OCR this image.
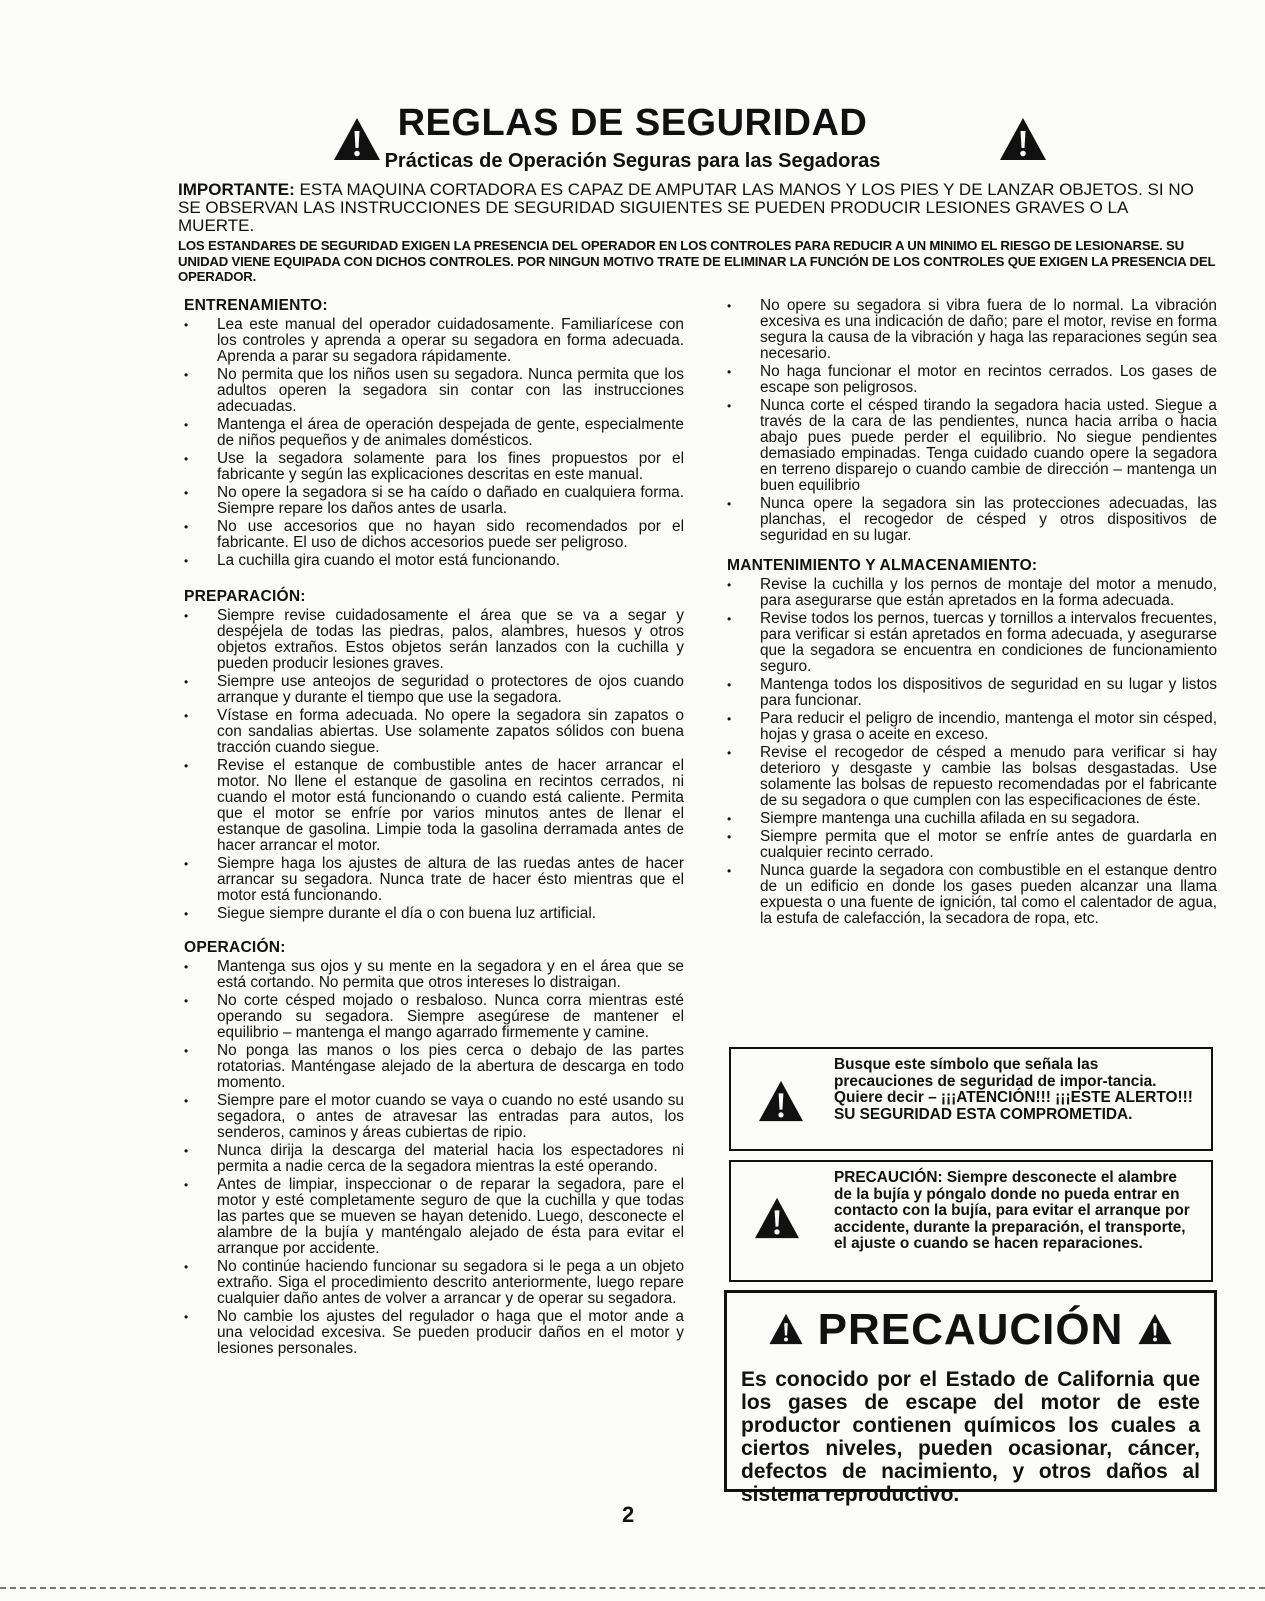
REGLAS DE SEGURIDAD
Prácticas de Operación Seguras para las Segadoras

IMPORTANTE: ESTA MAQUINA CORTADORA ES CAPAZ DE AMPUTAR LAS MANOS Y LOS PIES Y DE LANZAR OBJETOS. SI NO SE OBSERVAN LAS INSTRUCCIONES DE SEGURIDAD SIGUIENTES SE PUEDEN PRODUCIR LESIONES GRAVES O LA MUERTE.

LOS ESTANDARES DE SEGURIDAD EXIGEN LA PRESENCIA DEL OPERADOR EN LOS CONTROLES PARA REDUCIR A UN MINIMO EL RIESGO DE LESIONARSE. SU UNIDAD VIENE EQUIPADA CON DICHOS CONTROLES. POR NINGUN MOTIVO TRATE DE ELIMINAR LA FUNCIÓN DE LOS CONTROLES QUE EXIGEN LA PRESENCIA DEL OPERADOR.

ENTRENAMIENTO:
• Lea este manual del operador cuidadosamente. Familiarícese con los controles y aprenda a operar su segadora en forma adecuada. Aprenda a parar su segadora rápidamente.
• No permita que los niños usen su segadora. Nunca permita que los adultos operen la segadora sin contar con las instrucciones adecuadas.
• Mantenga el área de operación despejada de gente, especialmente de niños pequeños y de animales domésticos.
• Use la segadora solamente para los fines propuestos por el fabricante y según las explicaciones descritas en este manual.
• No opere la segadora si se ha caído o dañado en cualquiera forma. Siempre repare los daños antes de usarla.
• No use accesorios que no hayan sido recomendados por el fabricante. El uso de dichos accesorios puede ser peligroso.
• La cuchilla gira cuando el motor está funcionando.
PREPARACIÓN:
• Siempre revise cuidadosamente el área que se va a segar y despéjela de todas las piedras, palos, alambres, huesos y otros objetos extraños. Estos objetos serán lanzados con la cuchilla y pueden producir lesiones graves.
• Siempre use anteojos de seguridad o protectores de ojos cuando arranque y durante el tiempo que use la segadora.
• Vístase en forma adecuada. No opere la segadora sin zapatos o con sandalias abiertas. Use solamente zapatos sólidos con buena tracción cuando siegue.
• Revise el estanque de combustible antes de hacer arrancar el motor. No llene el estanque de gasolina en recintos cerrados, ni cuando el motor está funcionando o cuando está caliente. Permita que el motor se enfríe por varios minutos antes de llenar el estanque de gasolina. Limpie toda la gasolina derramada antes de hacer arrancar el motor.
• Siempre haga los ajustes de altura de las ruedas antes de hacer arrancar su segadora. Nunca trate de hacer ésto mientras que el motor está funcionando.
• Siegue siempre durante el día o con buena luz artificial.
OPERACIÓN:
• Mantenga sus ojos y su mente en la segadora y en el área que se está cortando. No permita que otros intereses lo distraigan.
• No corte césped mojado o resbaloso. Nunca corra mientras esté operando su segadora. Siempre asegúrese de mantener el equilibrio – mantenga el mango agarrado firmemente y camine.
• No ponga las manos o los pies cerca o debajo de las partes rotatorias. Manténgase alejado de la abertura de descarga en todo momento.
• Siempre pare el motor cuando se vaya o cuando no esté usando su segadora, o antes de atravesar las entradas para autos, los senderos, caminos y áreas cubiertas de ripio.
• Nunca dirija la descarga del material hacia los espectadores ni permita a nadie cerca de la segadora mientras la esté operando.
• Antes de limpiar, inspeccionar o de reparar la segadora, pare el motor y esté completamente seguro de que la cuchilla y que todas las partes que se mueven se hayan detenido. Luego, desconecte el alambre de la bujía y manténgalo alejado de ésta para evitar el arranque por accidente.
• No continúe haciendo funcionar su segadora si le pega a un objeto extraño. Siga el procedimiento descrito anteriormente, luego repare cualquier daño antes de volver a arrancar y de operar su segadora.
• No cambie los ajustes del regulador o haga que el motor ande a una velocidad excesiva. Se pueden producir daños en el motor y lesiones personales.
• No opere su segadora si vibra fuera de lo normal. La vibración excesiva es una indicación de daño; pare el motor, revise en forma segura la causa de la vibración y haga las reparaciones según sea necesario.
• No haga funcionar el motor en recintos cerrados. Los gases de escape son peligrosos.
• Nunca corte el césped tirando la segadora hacia usted. Siegue a través de la cara de las pendientes, nunca hacia arriba o hacia abajo pues puede perder el equilibrio. No siegue pendientes demasiado empinadas. Tenga cuidado cuando opere la segadora en terreno disparejo o cuando cambie de dirección – mantenga un buen equilibrio
• Nunca opere la segadora sin las protecciones adecuadas, las planchas, el recogedor de césped y otros dispositivos de seguridad en su lugar.
MANTENIMIENTO Y ALMACENAMIENTO:
• Revise la cuchilla y los pernos de montaje del motor a menudo, para asegurarse que están apretados en la forma adecuada.
• Revise todos los pernos, tuercas y tornillos a intervalos frecuentes, para verificar si están apretados en forma adecuada, y asegurarse que la segadora se encuentra en condiciones de funcionamiento seguro.
• Mantenga todos los dispositivos de seguridad en su lugar y listos para funcionar.
• Para reducir el peligro de incendio, mantenga el motor sin césped, hojas y grasa o aceite en exceso.
• Revise el recogedor de césped a menudo para verificar si hay deterioro y desgaste y cambie las bolsas desgastadas. Use solamente las bolsas de repuesto recomendadas por el fabricante de su segadora o que cumplen con las especificaciones de éste.
• Siempre mantenga una cuchilla afilada en su segadora.
• Siempre permita que el motor se enfríe antes de guardarla en cualquier recinto cerrado.
• Nunca guarde la segadora con combustible en el estanque dentro de un edificio en donde los gases pueden alcanzar una llama expuesta o una fuente de ignición, tal como el calentador de agua, la estufa de calefacción, la secadora de ropa, etc.
Busque este símbolo que señala las precauciones de seguridad de impor-tancia. Quiere decir – ¡¡¡ATENCIÓN!!! ¡¡¡ESTE ALERTO!!! SU SEGURIDAD ESTA COMPROMETIDA.
PRECAUCIÓN: Siempre desconecte el alambre de la bujía y póngalo donde no pueda entrar en contacto con la bujía, para evitar el arranque por accidente, durante la preparación, el transporte, el ajuste o cuando se hacen reparaciones.
PRECAUCIÓN
Es conocido por el Estado de California que los gases de escape del motor de este productor contienen químicos los cuales a ciertos niveles, pueden ocasionar, cáncer, defectos de nacimiento, y otros daños al sistema reproductivo.
2
